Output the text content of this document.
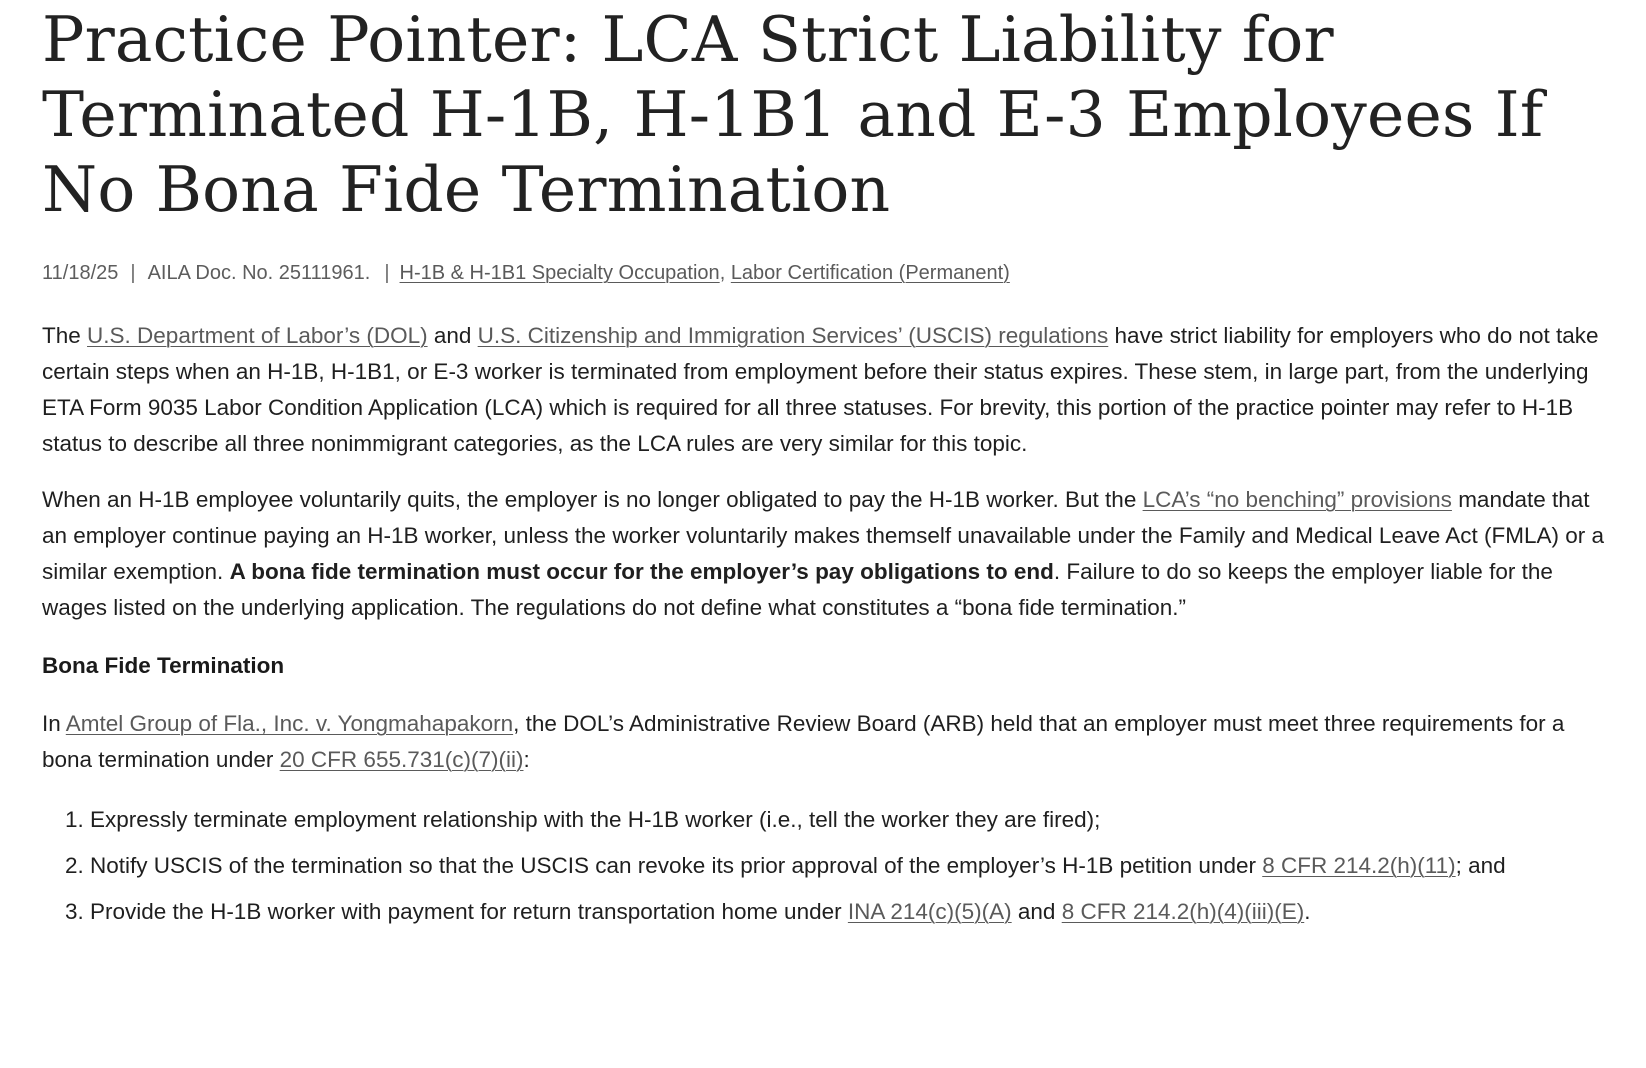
Practice Pointer: LCA Strict Liability for Terminated H-1B, H-1B1 and E-3 Employees If No Bona Fide Termination
11/18/25 | AILA Doc. No. 25111961. | H-1B & H-1B1 Specialty Occupation, Labor Certification (Permanent)

The U.S. Department of Labor’s (DOL) and U.S. Citizenship and Immigration Services’ (USCIS) regulations have strict liability for employers who do not take certain steps when an H-1B, H-1B1, or E-3 worker is terminated from employment before their status expires. These stem, in large part, from the underlying ETA Form 9035 Labor Condition Application (LCA) which is required for all three statuses. For brevity, this portion of the practice pointer may refer to H-1B status to describe all three nonimmigrant categories, as the LCA rules are very similar for this topic.

When an H-1B employee voluntarily quits, the employer is no longer obligated to pay the H-1B worker. But the LCA’s “no benching” provisions mandate that an employer continue paying an H-1B worker, unless the worker voluntarily makes themself unavailable under the Family and Medical Leave Act (FMLA) or a similar exemption. A bona fide termination must occur for the employer’s pay obligations to end. Failure to do so keeps the employer liable for the wages listed on the underlying application. The regulations do not define what constitutes a “bona fide termination.”

Bona Fide Termination

In Amtel Group of Fla., Inc. v. Yongmahapakorn, the DOL’s Administrative Review Board (ARB) held that an employer must meet three requirements for a bona termination under 20 CFR 655.731(c)(7)(ii):

1. Expressly terminate employment relationship with the H-1B worker (i.e., tell the worker they are fired);
2. Notify USCIS of the termination so that the USCIS can revoke its prior approval of the employer’s H-1B petition under 8 CFR 214.2(h)(11); and
3. Provide the H-1B worker with payment for return transportation home under INA 214(c)(5)(A) and 8 CFR 214.2(h)(4)(iii)(E).
